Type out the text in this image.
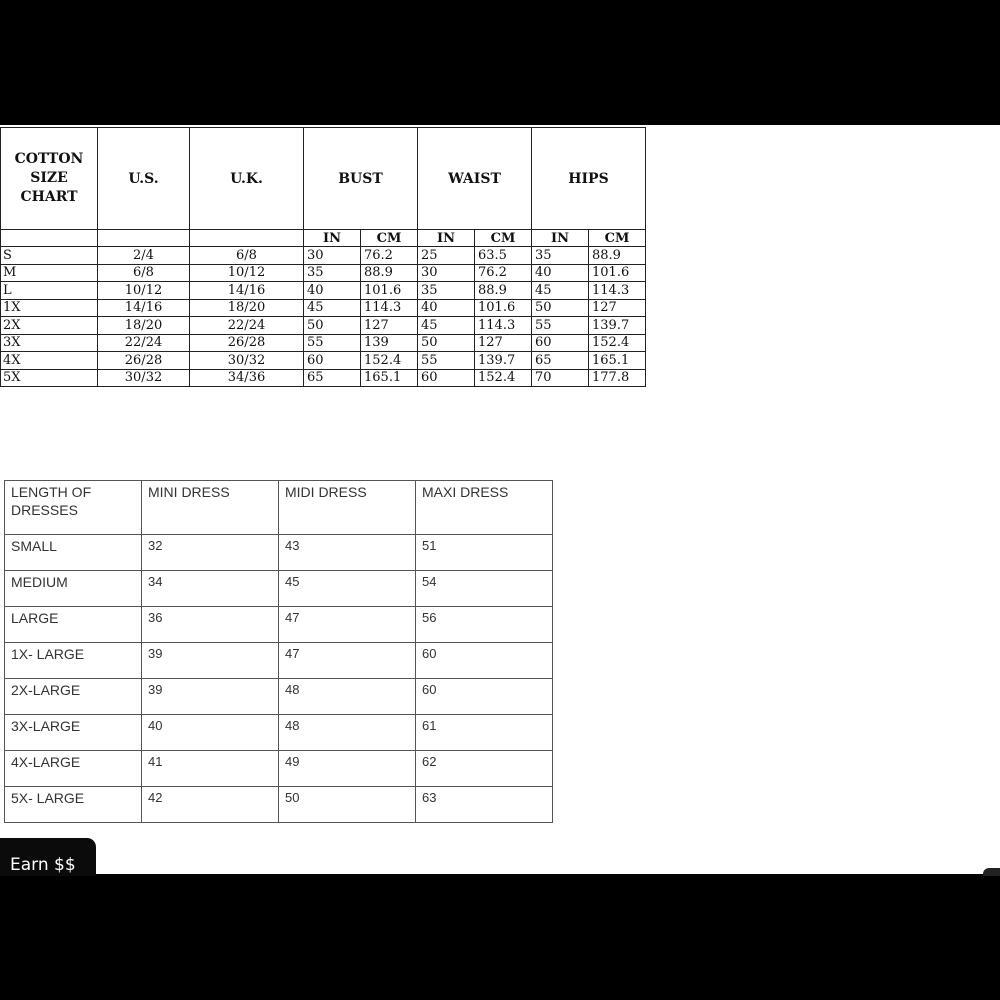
COTTON SIZE CHART	U.S.	U.K.	BUST		WAIST		HIPS	
			IN	CM	IN	CM	IN	CM
S	2/4	6/8	30	76.2	25	63.5	35	88.9
M	6/8	10/12	35	88.9	30	76.2	40	101.6
L	10/12	14/16	40	101.6	35	88.9	45	114.3
1X	14/16	18/20	45	114.3	40	101.6	50	127
2X	18/20	22/24	50	127	45	114.3	55	139.7
3X	22/24	26/28	55	139	50	127	60	152.4
4X	26/28	30/32	60	152.4	55	139.7	65	165.1
5X	30/32	34/36	65	165.1	60	152.4	70	177.8
LENGTH OF DRESSES	MINI DRESS	MIDI DRESS	MAXI DRESS
SMALL	32	43	51
MEDIUM	34	45	54
LARGE	36	47	56
1X- LARGE	39	47	60
2X-LARGE	39	48	60
3X-LARGE	40	48	61
4X-LARGE	41	49	62
5X- LARGE	42	50	63
Earn $$
